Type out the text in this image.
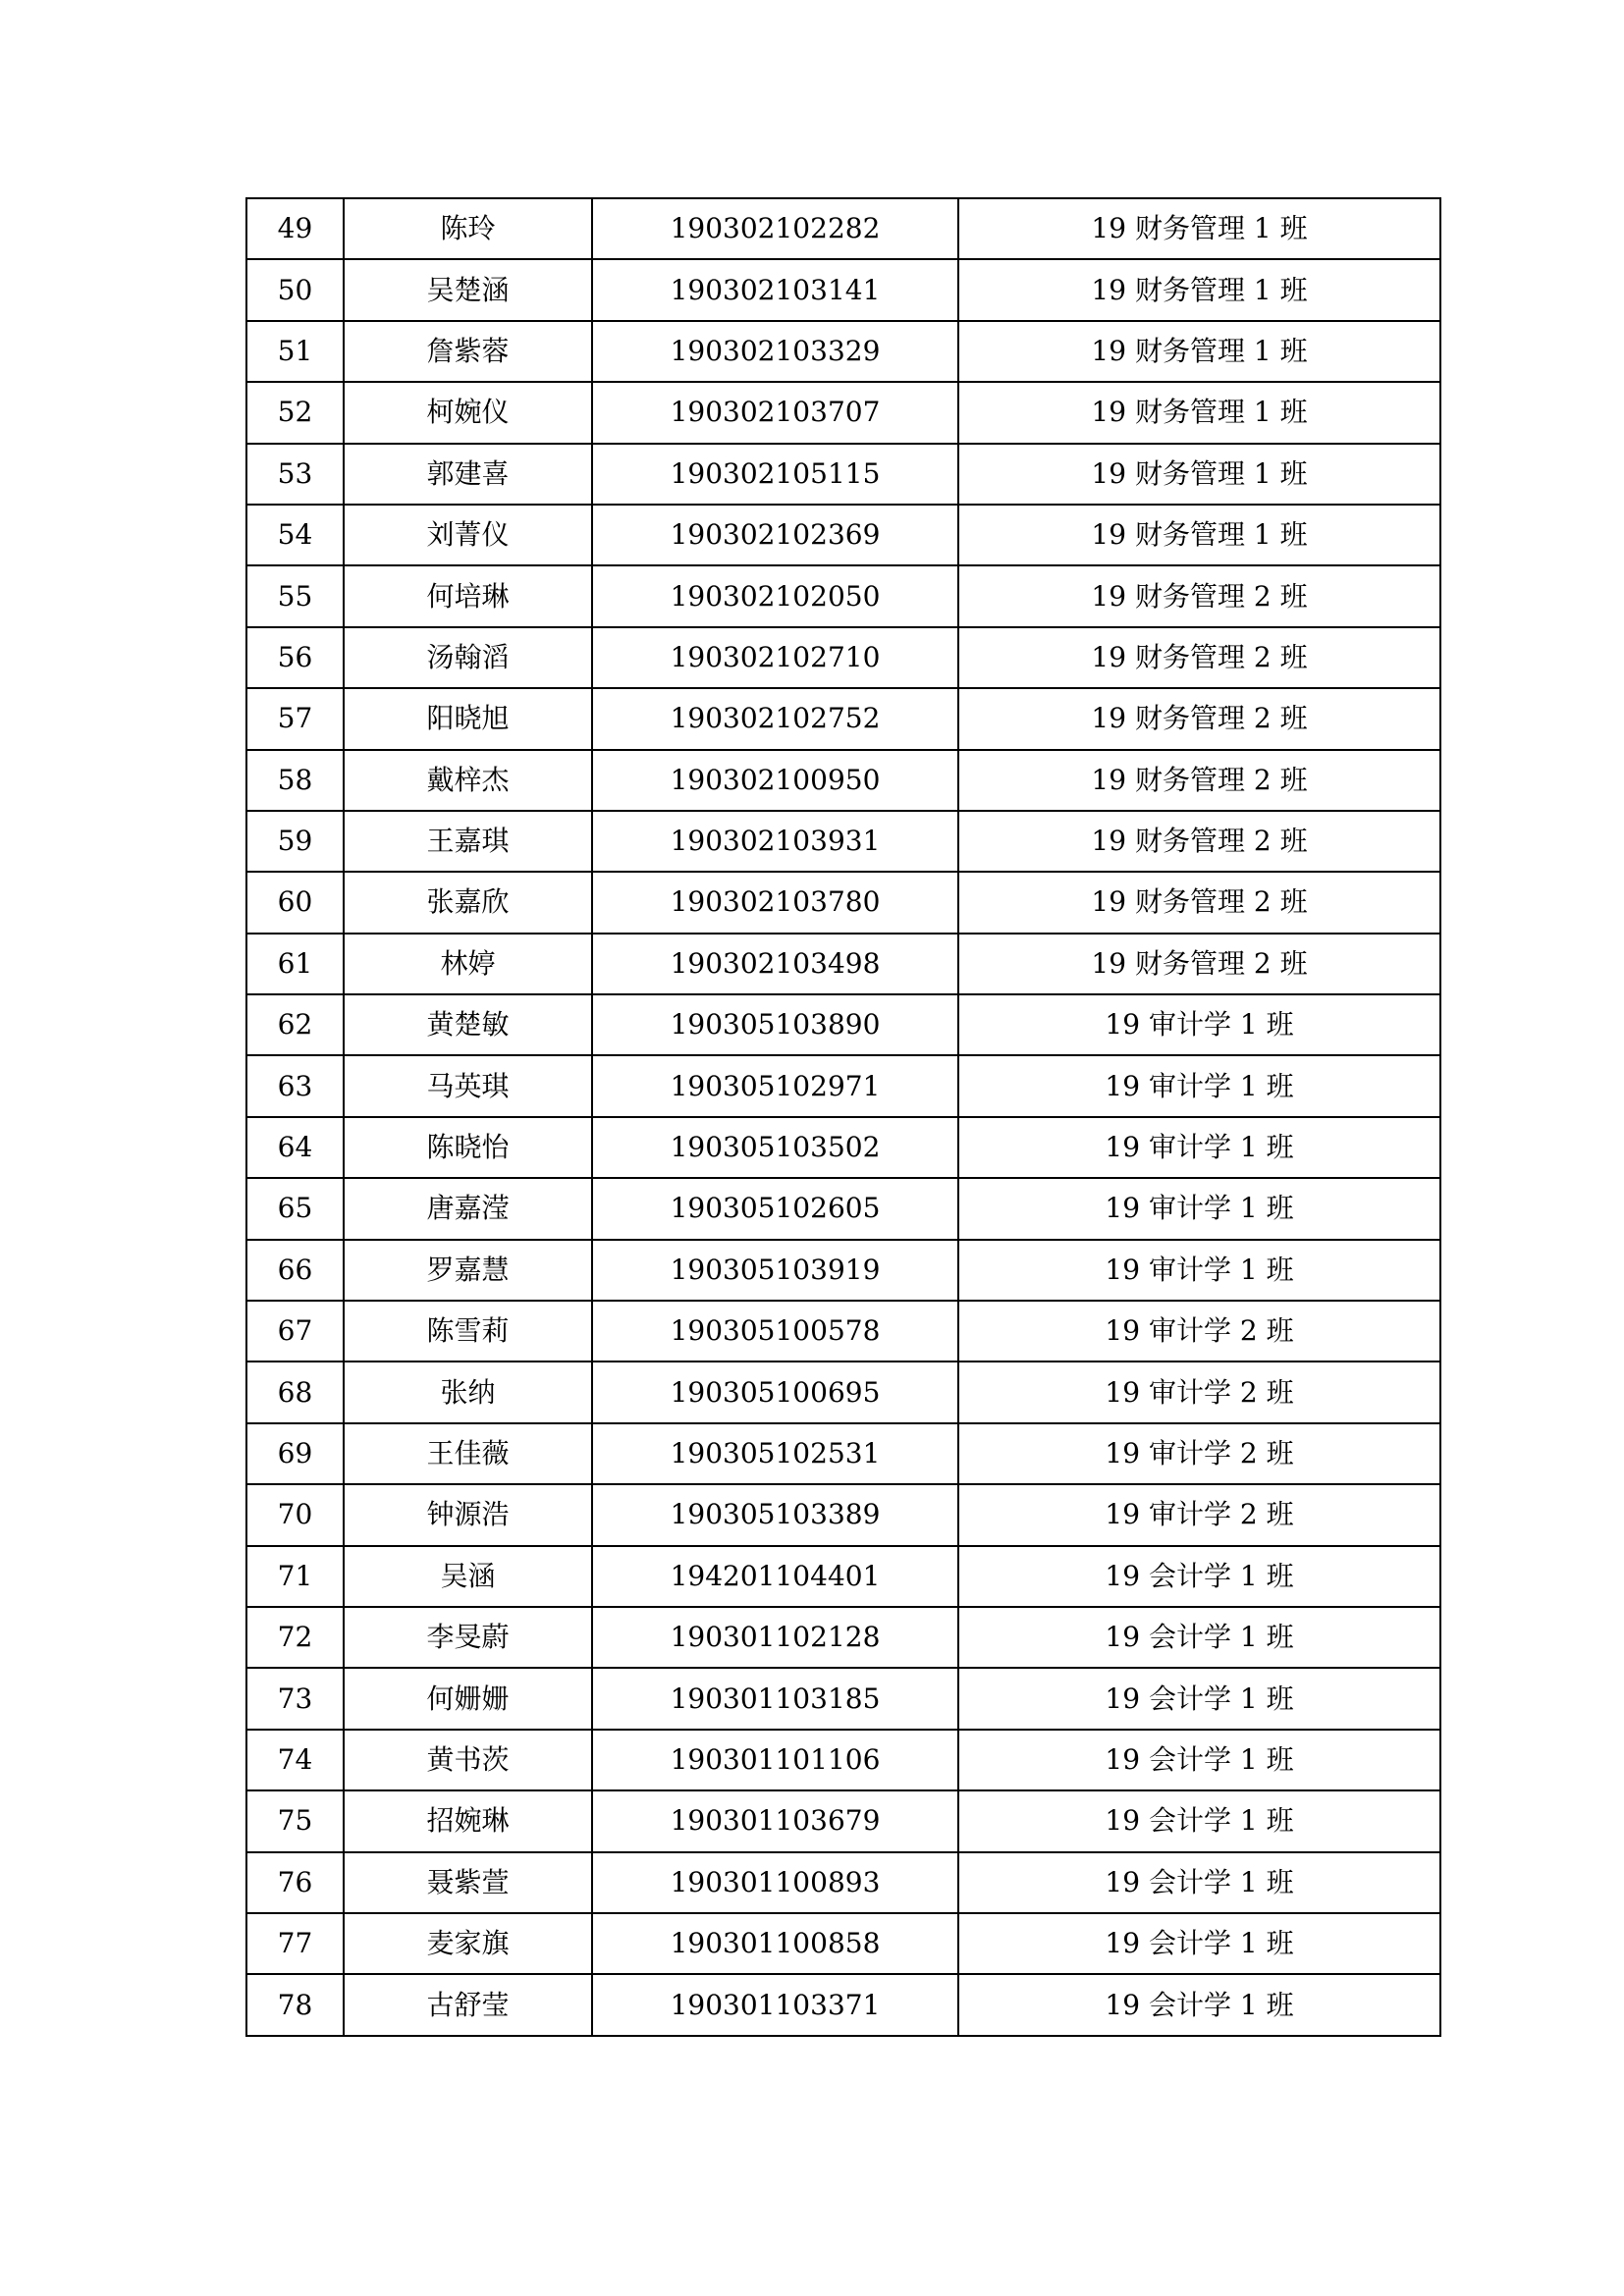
49	陈玲	190302102282	19 财务管理 1 班
50	吴楚涵	190302103141	19 财务管理 1 班
51	詹紫蓉	190302103329	19 财务管理 1 班
52	柯婉仪	190302103707	19 财务管理 1 班
53	郭建喜	190302105115	19 财务管理 1 班
54	刘菁仪	190302102369	19 财务管理 1 班
55	何培琳	190302102050	19 财务管理 2 班
56	汤翰滔	190302102710	19 财务管理 2 班
57	阳晓旭	190302102752	19 财务管理 2 班
58	戴梓杰	190302100950	19 财务管理 2 班
59	王嘉琪	190302103931	19 财务管理 2 班
60	张嘉欣	190302103780	19 财务管理 2 班
61	林婷	190302103498	19 财务管理 2 班
62	黄楚敏	190305103890	19 审计学 1 班
63	马英琪	190305102971	19 审计学 1 班
64	陈晓怡	190305103502	19 审计学 1 班
65	唐嘉滢	190305102605	19 审计学 1 班
66	罗嘉慧	190305103919	19 审计学 1 班
67	陈雪莉	190305100578	19 审计学 2 班
68	张纳	190305100695	19 审计学 2 班
69	王佳薇	190305102531	19 审计学 2 班
70	钟源浩	190305103389	19 审计学 2 班
71	吴涵	194201104401	19 会计学 1 班
72	李旻蔚	190301102128	19 会计学 1 班
73	何姗姗	190301103185	19 会计学 1 班
74	黄书茨	190301101106	19 会计学 1 班
75	招婉琳	190301103679	19 会计学 1 班
76	聂紫萱	190301100893	19 会计学 1 班
77	麦家旗	190301100858	19 会计学 1 班
78	古舒莹	190301103371	19 会计学 1 班
